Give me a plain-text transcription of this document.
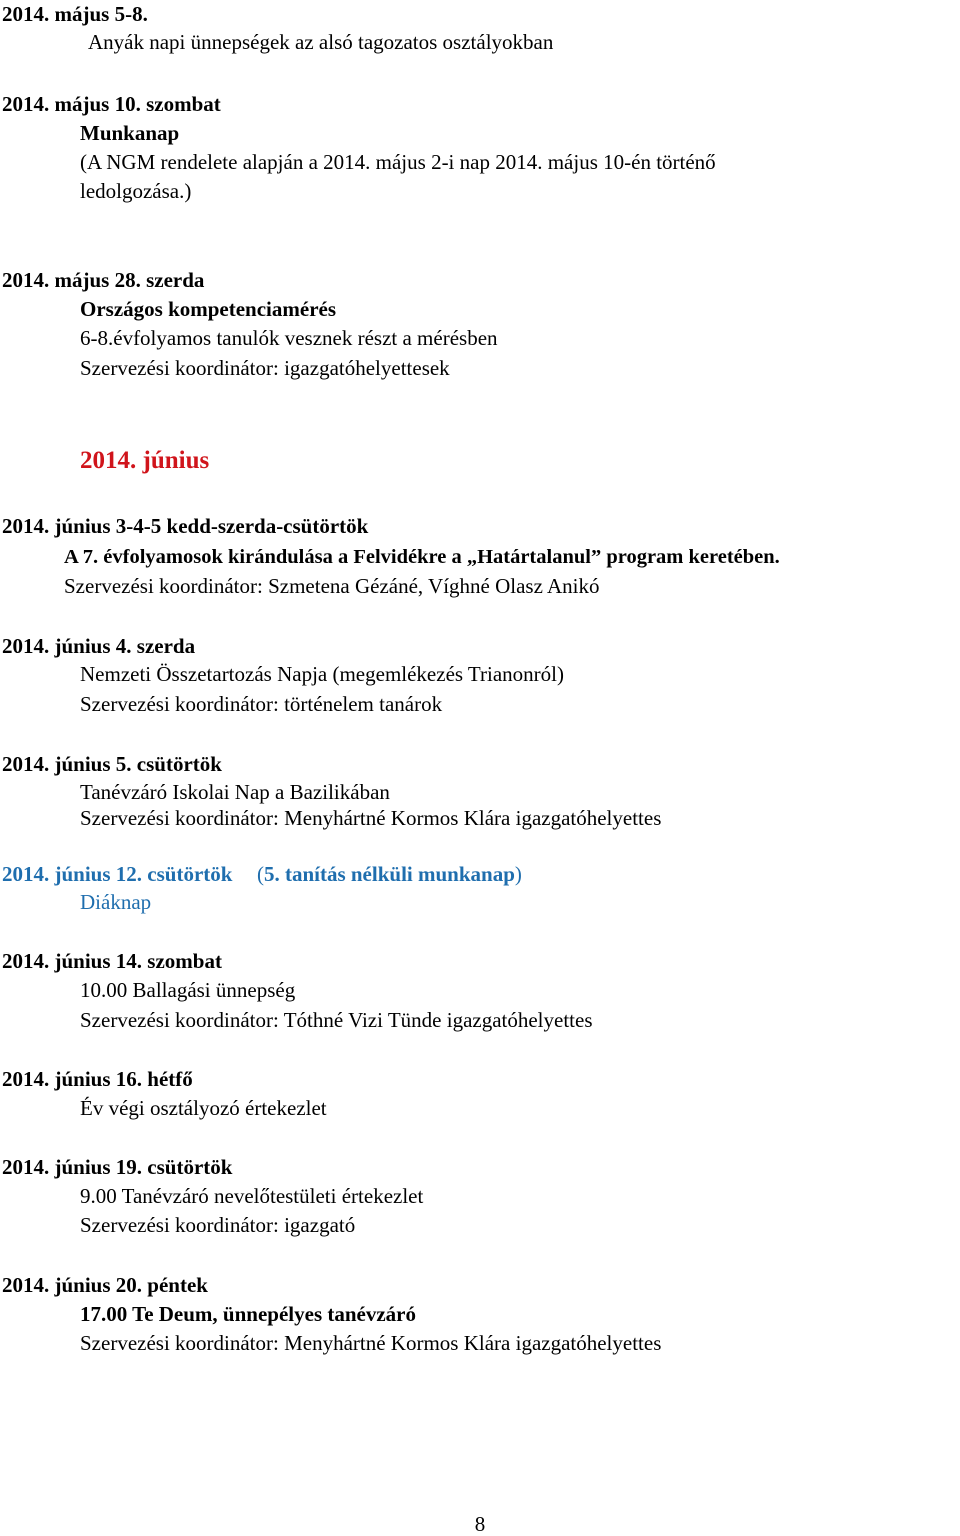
2014. május 5-8.
Anyák napi ünnepségek az alsó tagozatos osztályokban
2014. május 10. szombat
Munkanap
(A NGM rendelete alapján a 2014. május 2-i nap 2014. május 10-én történő
ledolgozása.)
2014. május 28. szerda
Országos kompetenciamérés
6-8.évfolyamos tanulók vesznek részt a mérésben
Szervezési koordinátor: igazgatóhelyettesek
2014. június
2014. június 3-4-5 kedd-szerda-csütörtök
A 7. évfolyamosok kirándulása a Felvidékre a „Határtalanul” program keretében.
Szervezési koordinátor: Szmetena Gézáné, Víghné Olasz Anikó
2014. június 4. szerda
Nemzeti Összetartozás Napja (megemlékezés Trianonról)
Szervezési koordinátor: történelem tanárok
2014. június 5. csütörtök
Tanévzáró Iskolai Nap a Bazilikában
Szervezési koordinátor: Menyhártné Kormos Klára igazgatóhelyettes
2014. június 12. csütörtök (5. tanítás nélküli munkanap)
Diáknap
2014. június 14. szombat
10.00 Ballagási ünnepség
Szervezési koordinátor: Tóthné Vizi Tünde igazgatóhelyettes
2014. június 16. hétfő
Év végi osztályozó értekezlet
2014. június 19. csütörtök
9.00 Tanévzáró nevelőtestületi értekezlet
Szervezési koordinátor: igazgató
2014. június 20. péntek
17.00 Te Deum, ünnepélyes tanévzáró
Szervezési koordinátor: Menyhártné Kormos Klára igazgatóhelyettes
8
